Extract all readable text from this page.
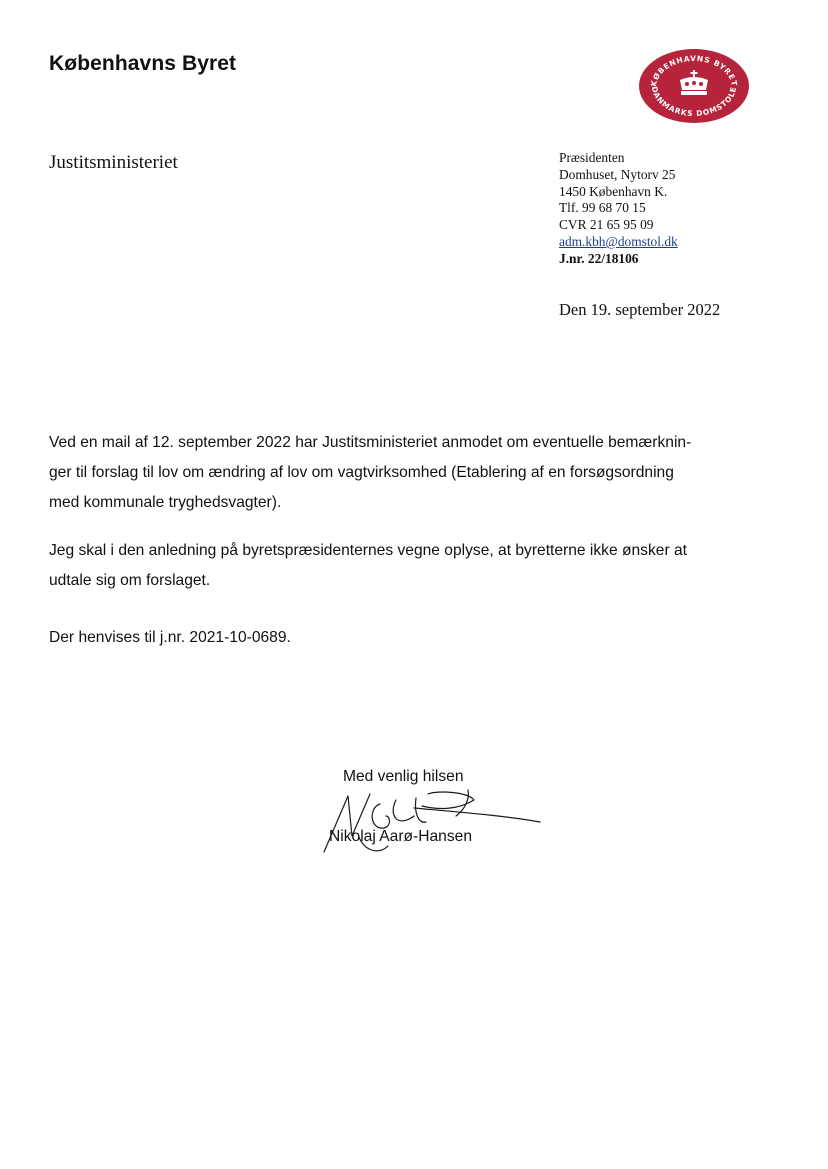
Københavns Byret
KØBENHAVNS BYRET
DANMARKS DOMSTOLE
Justitsministeriet	Præsidenten
Domhuset, Nytorv 25
1450 København K.
Tlf. 99 68 70 15
CVR 21 65 95 09
adm.kbh@domstol.dk
J.nr. 22/18106
Den 19. september 2022
Ved en mail af 12. september 2022 har Justitsministeriet anmodet om eventuelle bemærknin-
ger til forslag til lov om ændring af lov om vagtvirksomhed (Etablering af en forsøgsordning
med kommunale tryghedsvagter).
Jeg skal i den anledning på byretspræsidenternes vegne oplyse, at byretterne ikke ønsker at
udtale sig om forslaget.
Der henvises til j.nr. 2021-10-0689.
Med venlig hilsen
Nikolaj Aarø-Hansen
